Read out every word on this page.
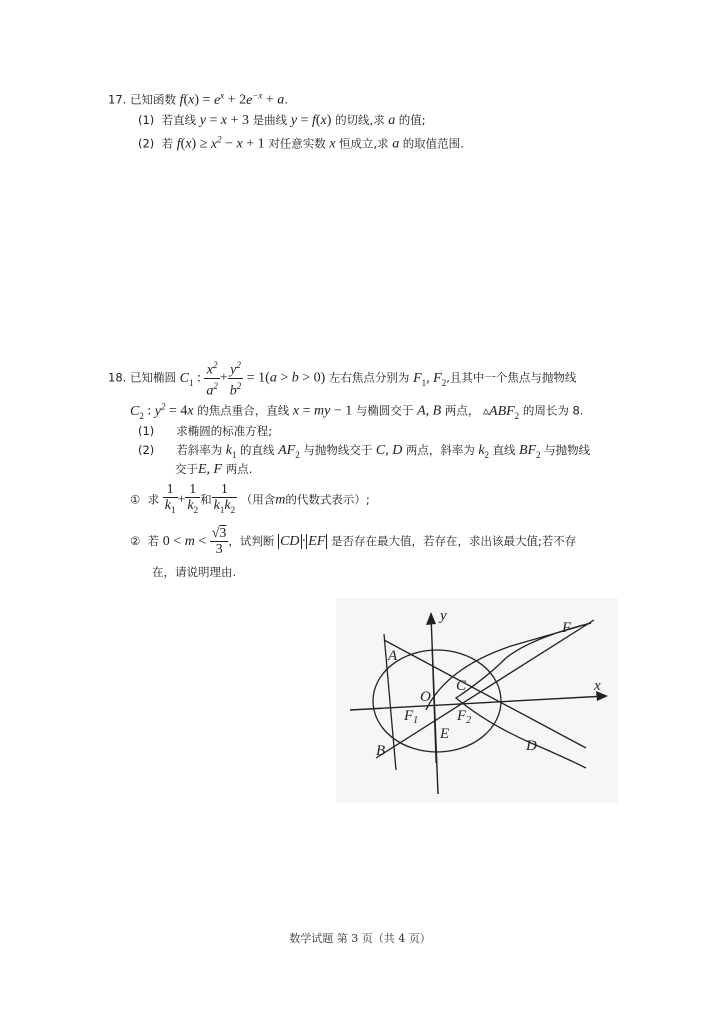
17. 已知函数 $f(x) = e^x + 2e^{-x} + a$.
(1) 若直线 y = x + 3 是曲线 y = f(x) 的切线,求 a 的值;
(2) 若 $f(x) \ge x^2 - x + 1$ 对任意实数 x 恒成立,求 a 的取值范围.
18. 已知椭圆 $C_1$ : $\frac{x^2}{a^2} + \frac{y^2}{b^2} = 1(a > b > 0)$ 左右焦点分别为 $F_1$, $F_2$,且其中一个焦点与抛物线
$C_2$ : $y^2 = 4x$ 的焦点重合，直线 x = my − 1 与椭圆交于 A, B 两点， $▵ABF_2$ 的周长为 8.
(1) 求椭圆的标准方程;
(2) 若斜率为 $k_1$ 的直线 $AF_2$ 与抛物线交于 C, D 两点，斜率为 $k_2$ 直线 $BF_2$ 与抛物线
交于E, F 两点.
① 求 $\frac{1}{k_1} + \frac{1}{k_2}$ 和 $\frac{1}{k_1k_2}$ （用含m的代数式表示）;
② 若 $0 < m < \frac{√3}{3}$ ，试判断 CD · EF 是否存在最大值，若存在，求出该最大值;若不存
在，请说明理由.
A
B
C
D
E
F
O
$F_1$	$F_2$
x
y
数学试题 第 3 页（共 4 页）
